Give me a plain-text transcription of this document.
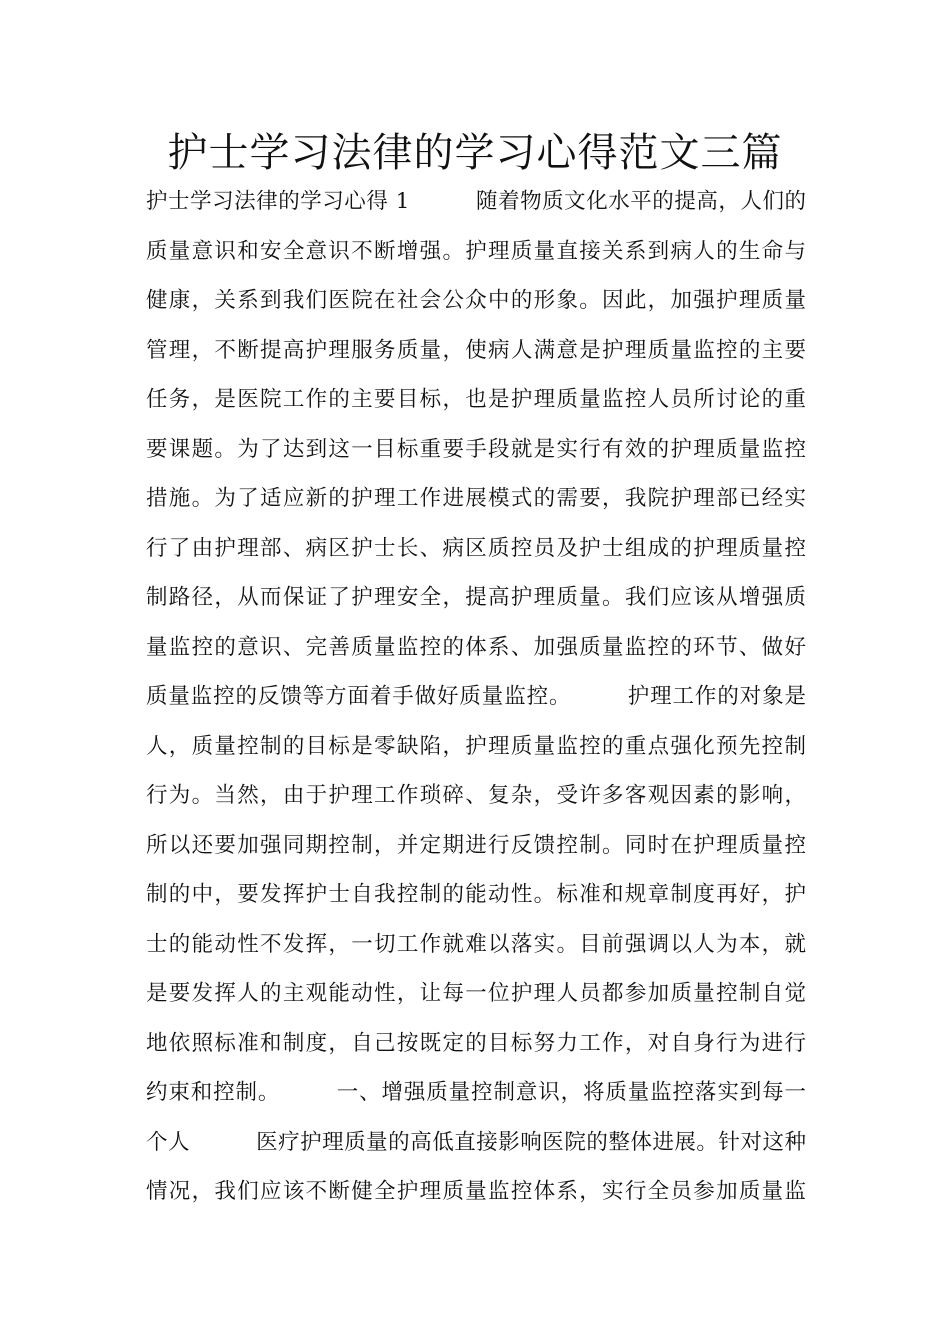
护士学习法律的学习心得范文三篇
护士学习法律的学习心得 1　　　随着物质文化水平的提高，人们的
质量意识和安全意识不断增强。护理质量直接关系到病人的生命与
健康，关系到我们医院在社会公众中的形象。因此，加强护理质量
管理，不断提高护理服务质量，使病人满意是护理质量监控的主要
任务，是医院工作的主要目标，也是护理质量监控人员所讨论的重
要课题。为了达到这一目标重要手段就是实行有效的护理质量监控
措施。为了适应新的护理工作进展模式的需要，我院护理部已经实
行了由护理部、病区护士长、病区质控员及护士组成的护理质量控
制路径，从而保证了护理安全，提高护理质量。我们应该从增强质
量监控的意识、完善质量监控的体系、加强质量监控的环节、做好
质量监控的反馈等方面着手做好质量监控。　　　护理工作的对象是
人，质量控制的目标是零缺陷，护理质量监控的重点强化预先控制
行为。当然，由于护理工作琐碎、复杂，受许多客观因素的影响，
所以还要加强同期控制，并定期进行反馈控制。同时在护理质量控
制的中，要发挥护士自我控制的能动性。标准和规章制度再好，护
士的能动性不发挥，一切工作就难以落实。目前强调以人为本，就
是要发挥人的主观能动性，让每一位护理人员都参加质量控制自觉
地依照标准和制度，自己按既定的目标努力工作，对自身行为进行
约束和控制。　　　一、增强质量控制意识，将质量监控落实到每一
个人　　　医疗护理质量的高低直接影响医院的整体进展。针对这种
情况，我们应该不断健全护理质量监控体系，实行全员参加质量监
